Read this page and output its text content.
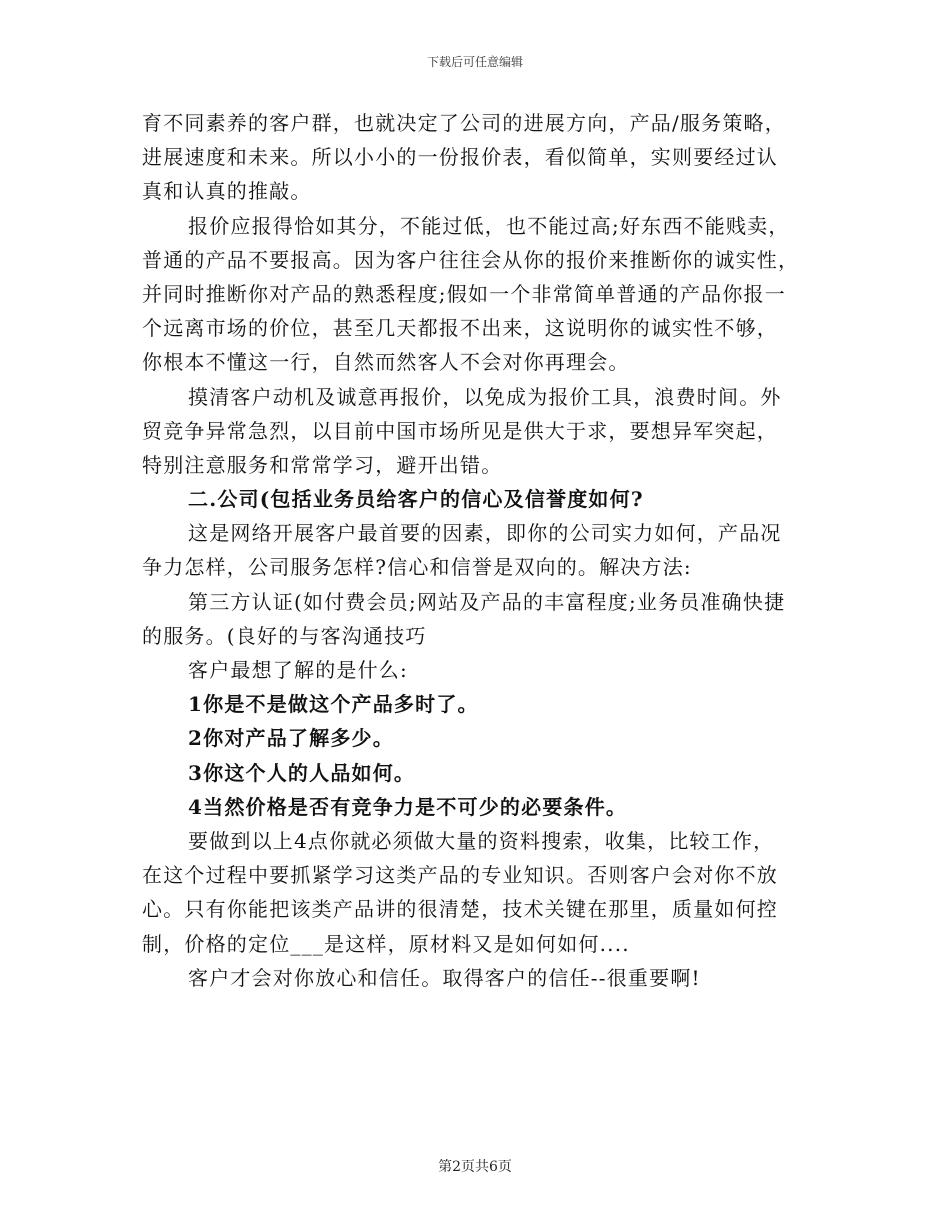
下载后可任意编辑
育不同素养的客户群，也就决定了公司的进展方向，产品/服务策略，
进展速度和未来。所以小小的一份报价表，看似简单，实则要经过认
真和认真的推敲。
报价应报得恰如其分，不能过低，也不能过高;好东西不能贱卖，
普通的产品不要报高。因为客户往往会从你的报价来推断你的诚实性，
并同时推断你对产品的熟悉程度;假如一个非常简单普通的产品你报一
个远离市场的价位，甚至几天都报不出来，这说明你的诚实性不够，
你根本不懂这一行，自然而然客人不会对你再理会。
摸清客户动机及诚意再报价，以免成为报价工具，浪费时间。外
贸竞争异常急烈，以目前中国市场所见是供大于求，要想异军突起，
特别注意服务和常常学习，避开出错。
二.公司(包括业务员给客户的信心及信誉度如何?
这是网络开展客户最首要的因素，即你的公司实力如何，产品况
争力怎样，公司服务怎样?信心和信誉是双向的。解决方法:
第三方认证(如付费会员;网站及产品的丰富程度;业务员准确快捷
的服务。(良好的与客沟通技巧
客户最想了解的是什么:
1你是不是做这个产品多时了。
2你对产品了解多少。
3你这个人的人品如何。
4当然价格是否有竞争力是不可少的必要条件。
要做到以上4点你就必须做大量的资料搜索，收集，比较工作，
在这个过程中要抓紧学习这类产品的专业知识。否则客户会对你不放
心。只有你能把该类产品讲的很清楚，技术关键在那里，质量如何控
制，价格的定位___是这样，原材料又是如何如何....
客户才会对你放心和信任。取得客户的信任--很重要啊!
第2页共6页
